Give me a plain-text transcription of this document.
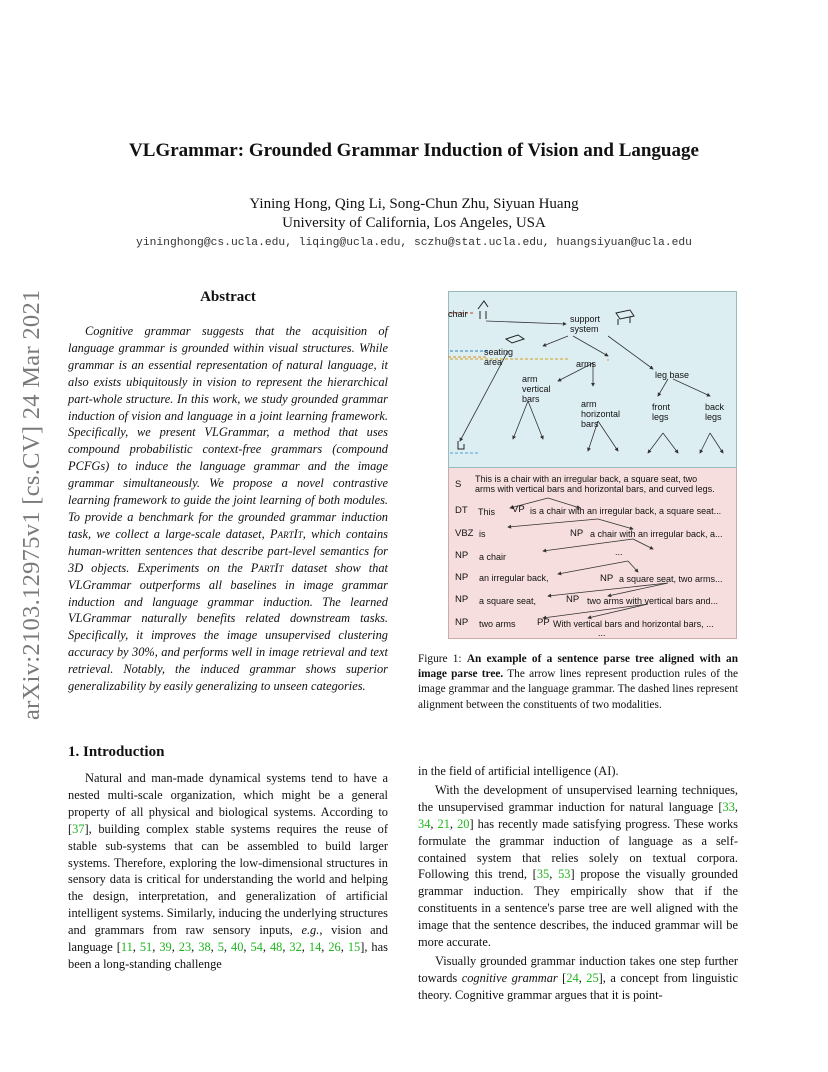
VLGrammar: Grounded Grammar Induction of Vision and Language
Yining Hong, Qing Li, Song-Chun Zhu, Siyuan Huang
University of California, Los Angeles, USA
yininghong@cs.ucla.edu, liqing@ucla.edu, sczhu@stat.ucla.edu, huangsiyuan@ucla.edu
arXiv:2103.12975v1 [cs.CV] 24 Mar 2021	Abstract

Cognitive grammar suggests that the acquisition of language grammar is grounded within visual structures. While grammar is an essential representation of natural language, it also exists ubiquitously in vision to represent the hierarchical part-whole structure. In this work, we study grounded grammar induction of vision and language in a joint learning framework. Specifically, we present VLGrammar, a method that uses compound probabilistic context-free grammars (compound PCFGs) to induce the language grammar and the image grammar simultaneously. We propose a novel contrastive learning framework to guide the joint learning of both modules. To provide a benchmark for the grounded grammar induction task, we collect a large-scale dataset, PartIt, which contains human-written sentences that describe part-level semantics for 3D objects. Experiments on the PartIt dataset show that VLGrammar outperforms all baselines in image grammar induction and language grammar induction. The learned VLGrammar naturally benefits related downstream tasks. Specifically, it improves the image unsupervised clustering accuracy by 30%, and performs well in image retrieval and text retrieval. Notably, the induced grammar shows superior generalizability by easily generalizing to unseen categories.

chair	support
system
seating
area	arms
leg base
arm
vertical
bars	arm
horizontal
bars
front
legs
back
legs
S This is a chair with an irregular back, a square seat, two
arms with vertical bars and horizontal bars, and curved legs.
DT This VP is a chair with an irregular back, a square seat...
VBZ is	NP a chair with an irregular back, a...
NP a chair	...
NP an irregular back,	NP a square seat, two arms...
NP a square seat,	NP two arms with vertical bars and...
NP two arms PP With vertical bars and horizontal bars, ...
...
Figure 1: An example of a sentence parse tree aligned with an image parse tree. The arrow lines represent production rules of the image grammar and the language grammar. The dashed lines represent alignment between the constituents of two modalities.
1. Introduction

Natural and man-made dynamical systems tend to have a nested multi-scale organization, which might be a general property of all physical and biological systems. According to [37], building complex stable systems requires the reuse of stable sub-systems that can be assembled to build larger systems. Therefore, exploring the low-dimensional structures in sensory data is critical for understanding the world and helping the design, interpretation, and generalization of artificial intelligent systems. Similarly, inducing the underlying structures and grammars from raw sensory inputs, e.g., vision and language [11, 51, 39, 23, 38, 5, 40, 54, 48, 32, 14, 26, 15], has been a long-standing challenge

in the field of artificial intelligence (AI).

With the development of unsupervised learning techniques, the unsupervised grammar induction for natural language [33, 34, 21, 20] has recently made satisfying progress. These works formulate the grammar induction of language as a self-contained system that relies solely on textual corpora. Following this trend, [35, 53] propose the visually grounded grammar induction. They empirically show that if the constituents in a sentence's parse tree are well aligned with the image that the sentence describes, the induced grammar will be more accurate.

Visually grounded grammar induction takes one step further towards cognitive grammar [24, 25], a concept from linguistic theory. Cognitive grammar argues that it is point-
